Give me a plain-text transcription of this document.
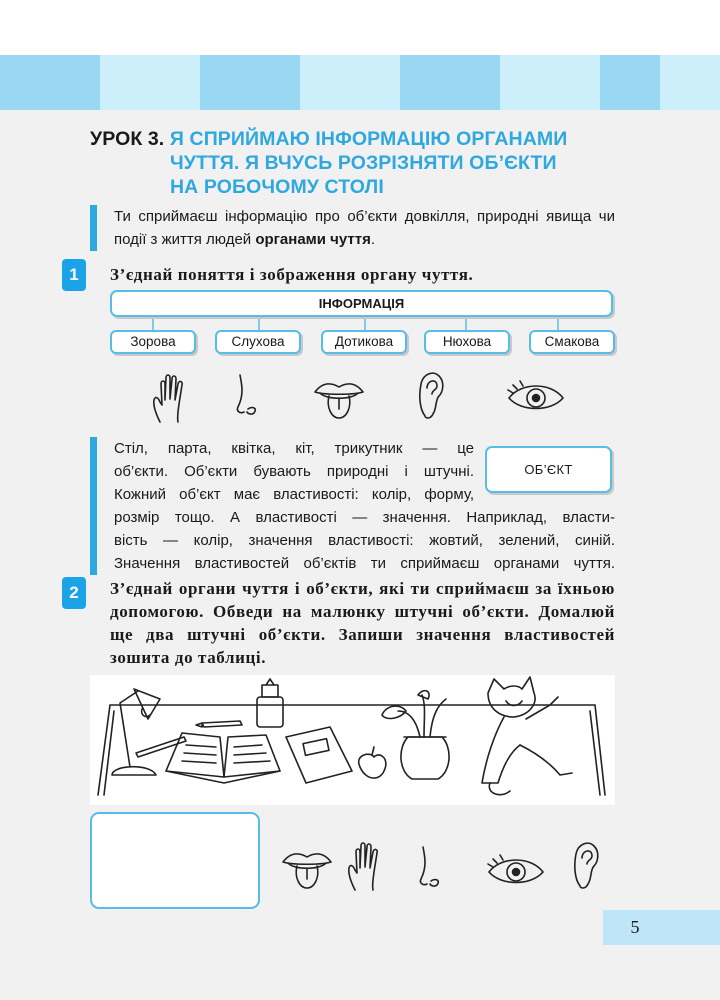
УРОК 3. Я СПРИЙМАЮ ІНФОРМАЦІЮ ОРГАНАМИ
ЧУТТЯ. Я ВЧУСЬ РОЗРІЗНЯТИ ОБ’ЄКТИ
НА РОБОЧОМУ СТОЛІ
Ти сприймаєш інформацію про об’єкти довкілля, природні явища чи події з життя людей органами чуття.
1	З’єднай поняття і зображення органу чуття.
ІНФОРМАЦІЯ
Зорова	Слухова	Дотикова	Нюхова	Смакова
Стіл, парта, квітка, кіт, трикутник — це
об’єкти. Об’єкти бувають природні і штучні.
Кожний об’єкт має властивості: колір, форму,
розмір тощо. А властивості — значення. Наприклад, власти-
вість — колір, значення властивості: жовтий, зелений, синій.
Значення властивостей об’єктів ти сприймаєш органами чуття.
ОБ’ЄКТ
2	З’єднай органи чуття і об’єкти, які ти сприймаєш за їхньою допомогою. Обведи на малюнку штучні об’єкти. Домалюй ще два штучні об’єкти. Запиши значення властивостей зошита до таблиці.
5
